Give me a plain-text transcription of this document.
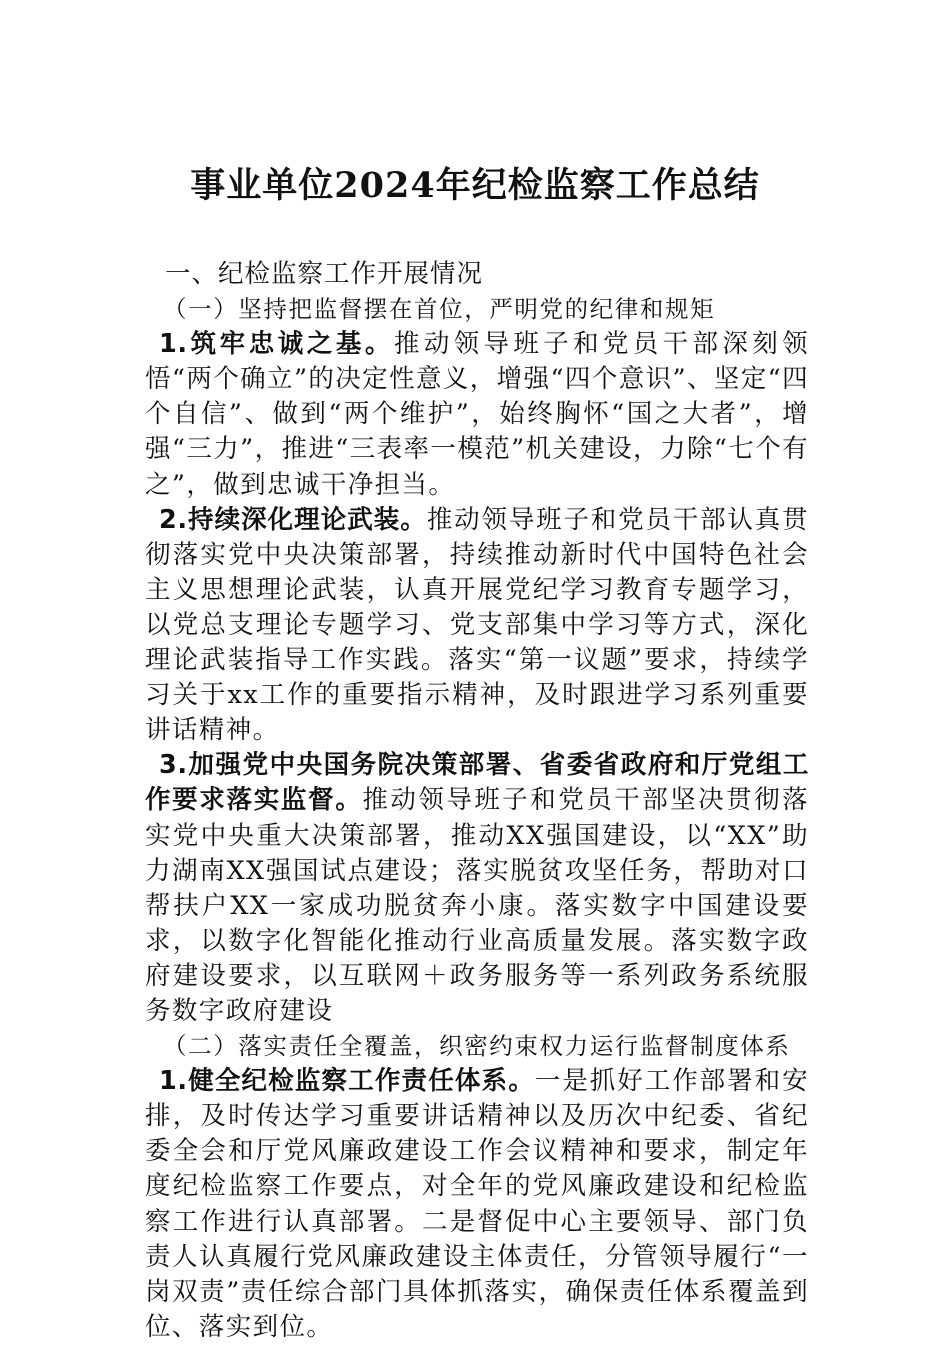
事业单位2024年纪检监察工作总结
一、纪检监察工作开展情况
（一）坚持把监督摆在首位，严明党的纪律和规矩
1.筑牢忠诚之基。推动领导班子和党员干部深刻领悟“两个确立”的决定性意义，增强“四个意识”、坚定“四个自信”、做到“两个维护”，始终胸怀“国之大者”，增强“三力”，推进“三表率一模范”机关建设，力除“七个有之”，做到忠诚干净担当。
2.持续深化理论武装。推动领导班子和党员干部认真贯彻落实党中央决策部署，持续推动新时代中国特色社会主义思想理论武装，认真开展党纪学习教育专题学习，以党总支理论专题学习、党支部集中学习等方式，深化理论武装指导工作实践。落实“第一议题”要求，持续学习关于xx工作的重要指示精神，及时跟进学习系列重要讲话精神。
3.加强党中央国务院决策部署、省委省政府和厅党组工作要求落实监督。推动领导班子和党员干部坚决贯彻落实党中央重大决策部署，推动XX强国建设，以“XX”助力湖南XX强国试点建设；落实脱贫攻坚任务，帮助对口帮扶户XX一家成功脱贫奔小康。落实数字中国建设要求，以数字化智能化推动行业高质量发展。落实数字政府建设要求，以互联网＋政务服务等一系列政务系统服务数字政府建设
（二）落实责任全覆盖，织密约束权力运行监督制度体系
1.健全纪检监察工作责任体系。一是抓好工作部署和安排，及时传达学习重要讲话精神以及历次中纪委、省纪委全会和厅党风廉政建设工作会议精神和要求，制定年度纪检监察工作要点，对全年的党风廉政建设和纪检监察工作进行认真部署。二是督促中心主要领导、部门负责人认真履行党风廉政建设主体责任，分管领导履行“一岗双责”责任综合部门具体抓落实，确保责任体系覆盖到位、落实到位。
